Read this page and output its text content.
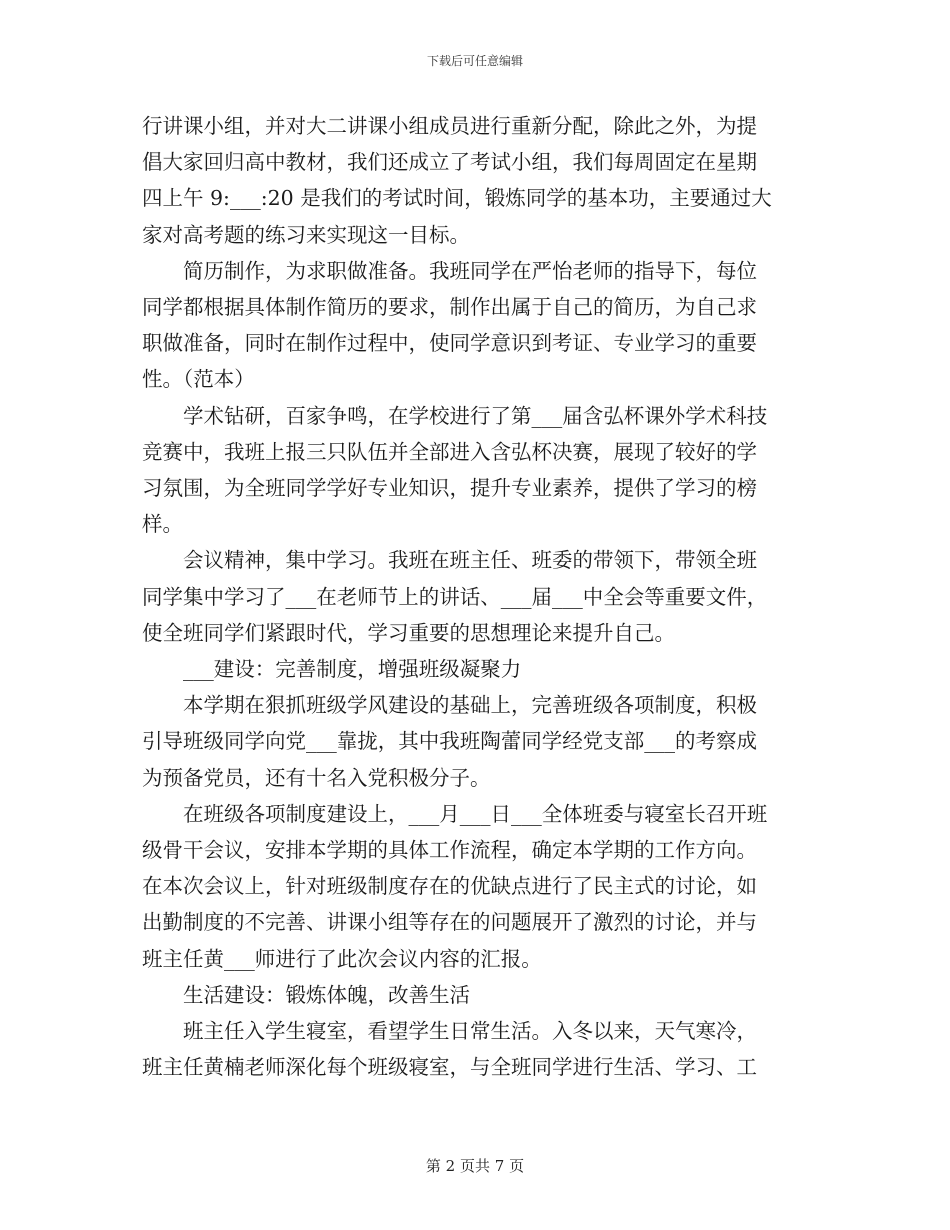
下载后可任意编辑

行讲课小组，并对大二讲课小组成员进行重新分配，除此之外，为提
倡大家回归高中教材，我们还成立了考试小组，我们每周固定在星期
四上午 9:___:20 是我们的考试时间，锻炼同学的基本功，主要通过大
家对高考题的练习来实现这一目标。

简历制作，为求职做准备。我班同学在严怡老师的指导下，每位
同学都根据具体制作简历的要求，制作出属于自己的简历，为自己求
职做准备，同时在制作过程中，使同学意识到考证、专业学习的重要
性。（范本）

学术钻研，百家争鸣，在学校进行了第___届含弘杯课外学术科技
竞赛中，我班上报三只队伍并全部进入含弘杯决赛，展现了较好的学
习氛围，为全班同学学好专业知识，提升专业素养，提供了学习的榜
样。

会议精神，集中学习。我班在班主任、班委的带领下，带领全班
同学集中学习了___在老师节上的讲话、___届___中全会等重要文件，
使全班同学们紧跟时代，学习重要的思想理论来提升自己。

___建设：完善制度，增强班级凝聚力

本学期在狠抓班级学风建设的基础上，完善班级各项制度，积极
引导班级同学向党___靠拢，其中我班陶蕾同学经党支部___的考察成
为预备党员，还有十名入党积极分子。

在班级各项制度建设上，___月___日___全体班委与寝室长召开班
级骨干会议，安排本学期的具体工作流程，确定本学期的工作方向。
在本次会议上，针对班级制度存在的优缺点进行了民主式的讨论，如
出勤制度的不完善、讲课小组等存在的问题展开了激烈的讨论，并与
班主任黄___师进行了此次会议内容的汇报。

生活建设：锻炼体魄，改善生活

班主任入学生寝室，看望学生日常生活。入冬以来，天气寒冷，
班主任黄楠老师深化每个班级寝室，与全班同学进行生活、学习、工

第 2 页共 7 页
